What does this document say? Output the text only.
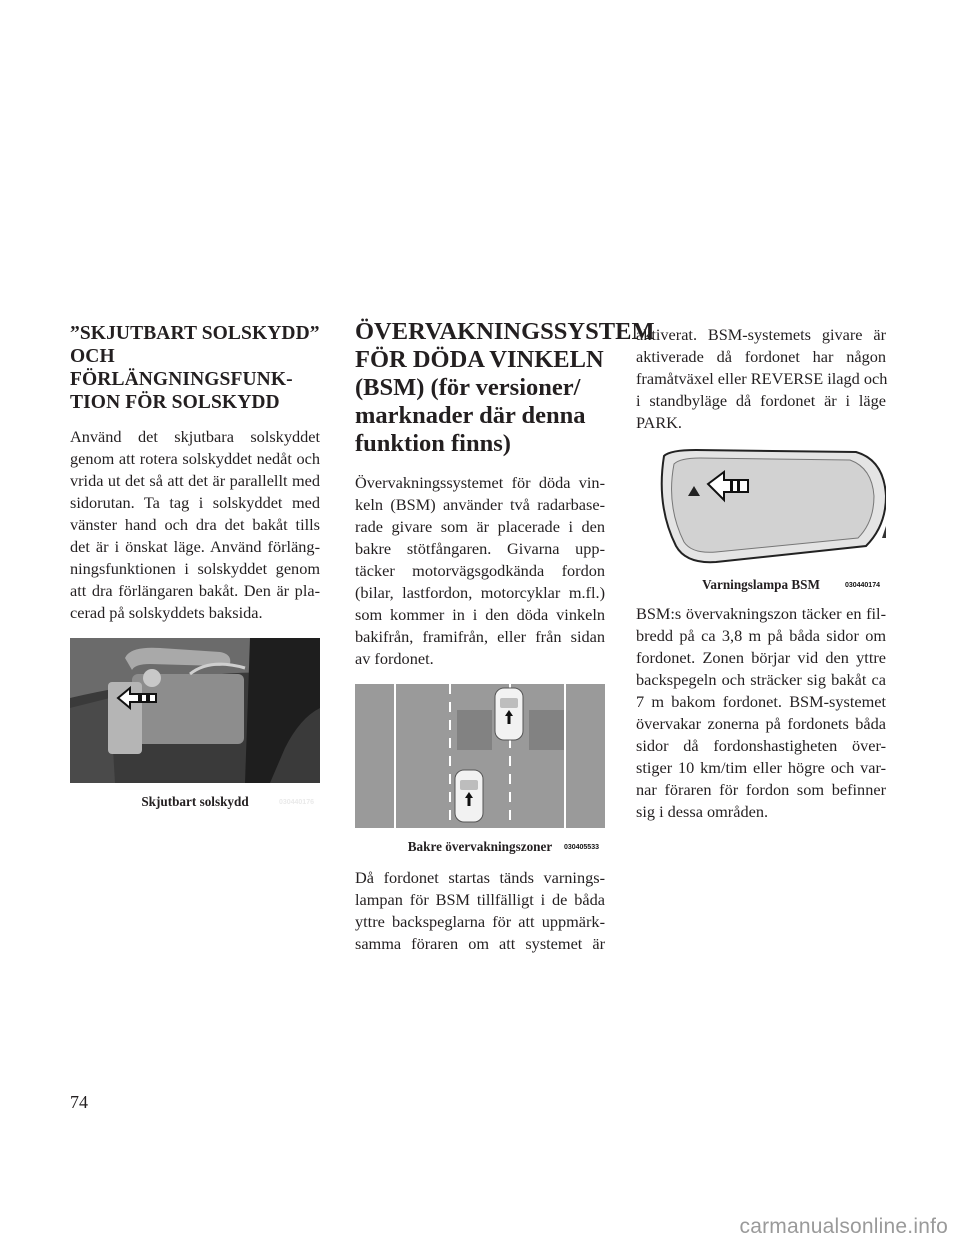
”SKJUTBART SOLSKYDD”
OCH FÖRLÄNGNINGSFUNK-
TION FÖR SOLSKYDD

Använd det skjutbara solskyddet
genom att rotera solskyddet nedåt och
vrida ut det så att det är parallellt med
sidorutan. Ta tag i solskyddet med
vänster hand och dra det bakåt tills
det är i önskat läge. Använd förläng-
ningsfunktionen i solskyddet genom
att dra förlängaren bakåt. Den är pla-
cerad på solskyddets baksida.

030440176
Skjutbart solskydd
ÖVERVAKNINGSSYSTEM
FÖR DÖDA VINKELN
(BSM) (för versioner/
marknader där denna
funktion finns)

Övervakningssystemet för döda vin-
keln (BSM) använder två radarbase-
rade givare som är placerade i den
bakre stötfångaren. Givarna upp-
täcker motorvägsgodkända fordon
(bilar, lastfordon, motorcyklar m.fl.)
som kommer in i den döda vinkeln
bakifrån, framifrån, eller från sidan
av fordonet.

030405533
Bakre övervakningszoner

Då fordonet startas tänds varnings-
lampan för BSM tillfälligt i de båda
yttre backspeglarna för att uppmärk-
samma föraren om att systemet är

aktiverat. BSM-systemets givare är
aktiverade då fordonet har någon
framåtväxel eller REVERSE ilagd och
i standbyläge då fordonet är i läge
PARK.

030440174
Varningslampa BSM

BSM:s övervakningszon täcker en fil-
bredd på ca 3,8 m på båda sidor om
fordonet. Zonen börjar vid den yttre
backspegeln och sträcker sig bakåt ca
7 m bakom fordonet. BSM-systemet
övervakar zonerna på fordonets båda
sidor då fordonshastigheten över-
stiger 10 km/tim eller högre och var-
nar föraren för fordon som befinner
sig i dessa områden.

74
carmanualsonline.info
